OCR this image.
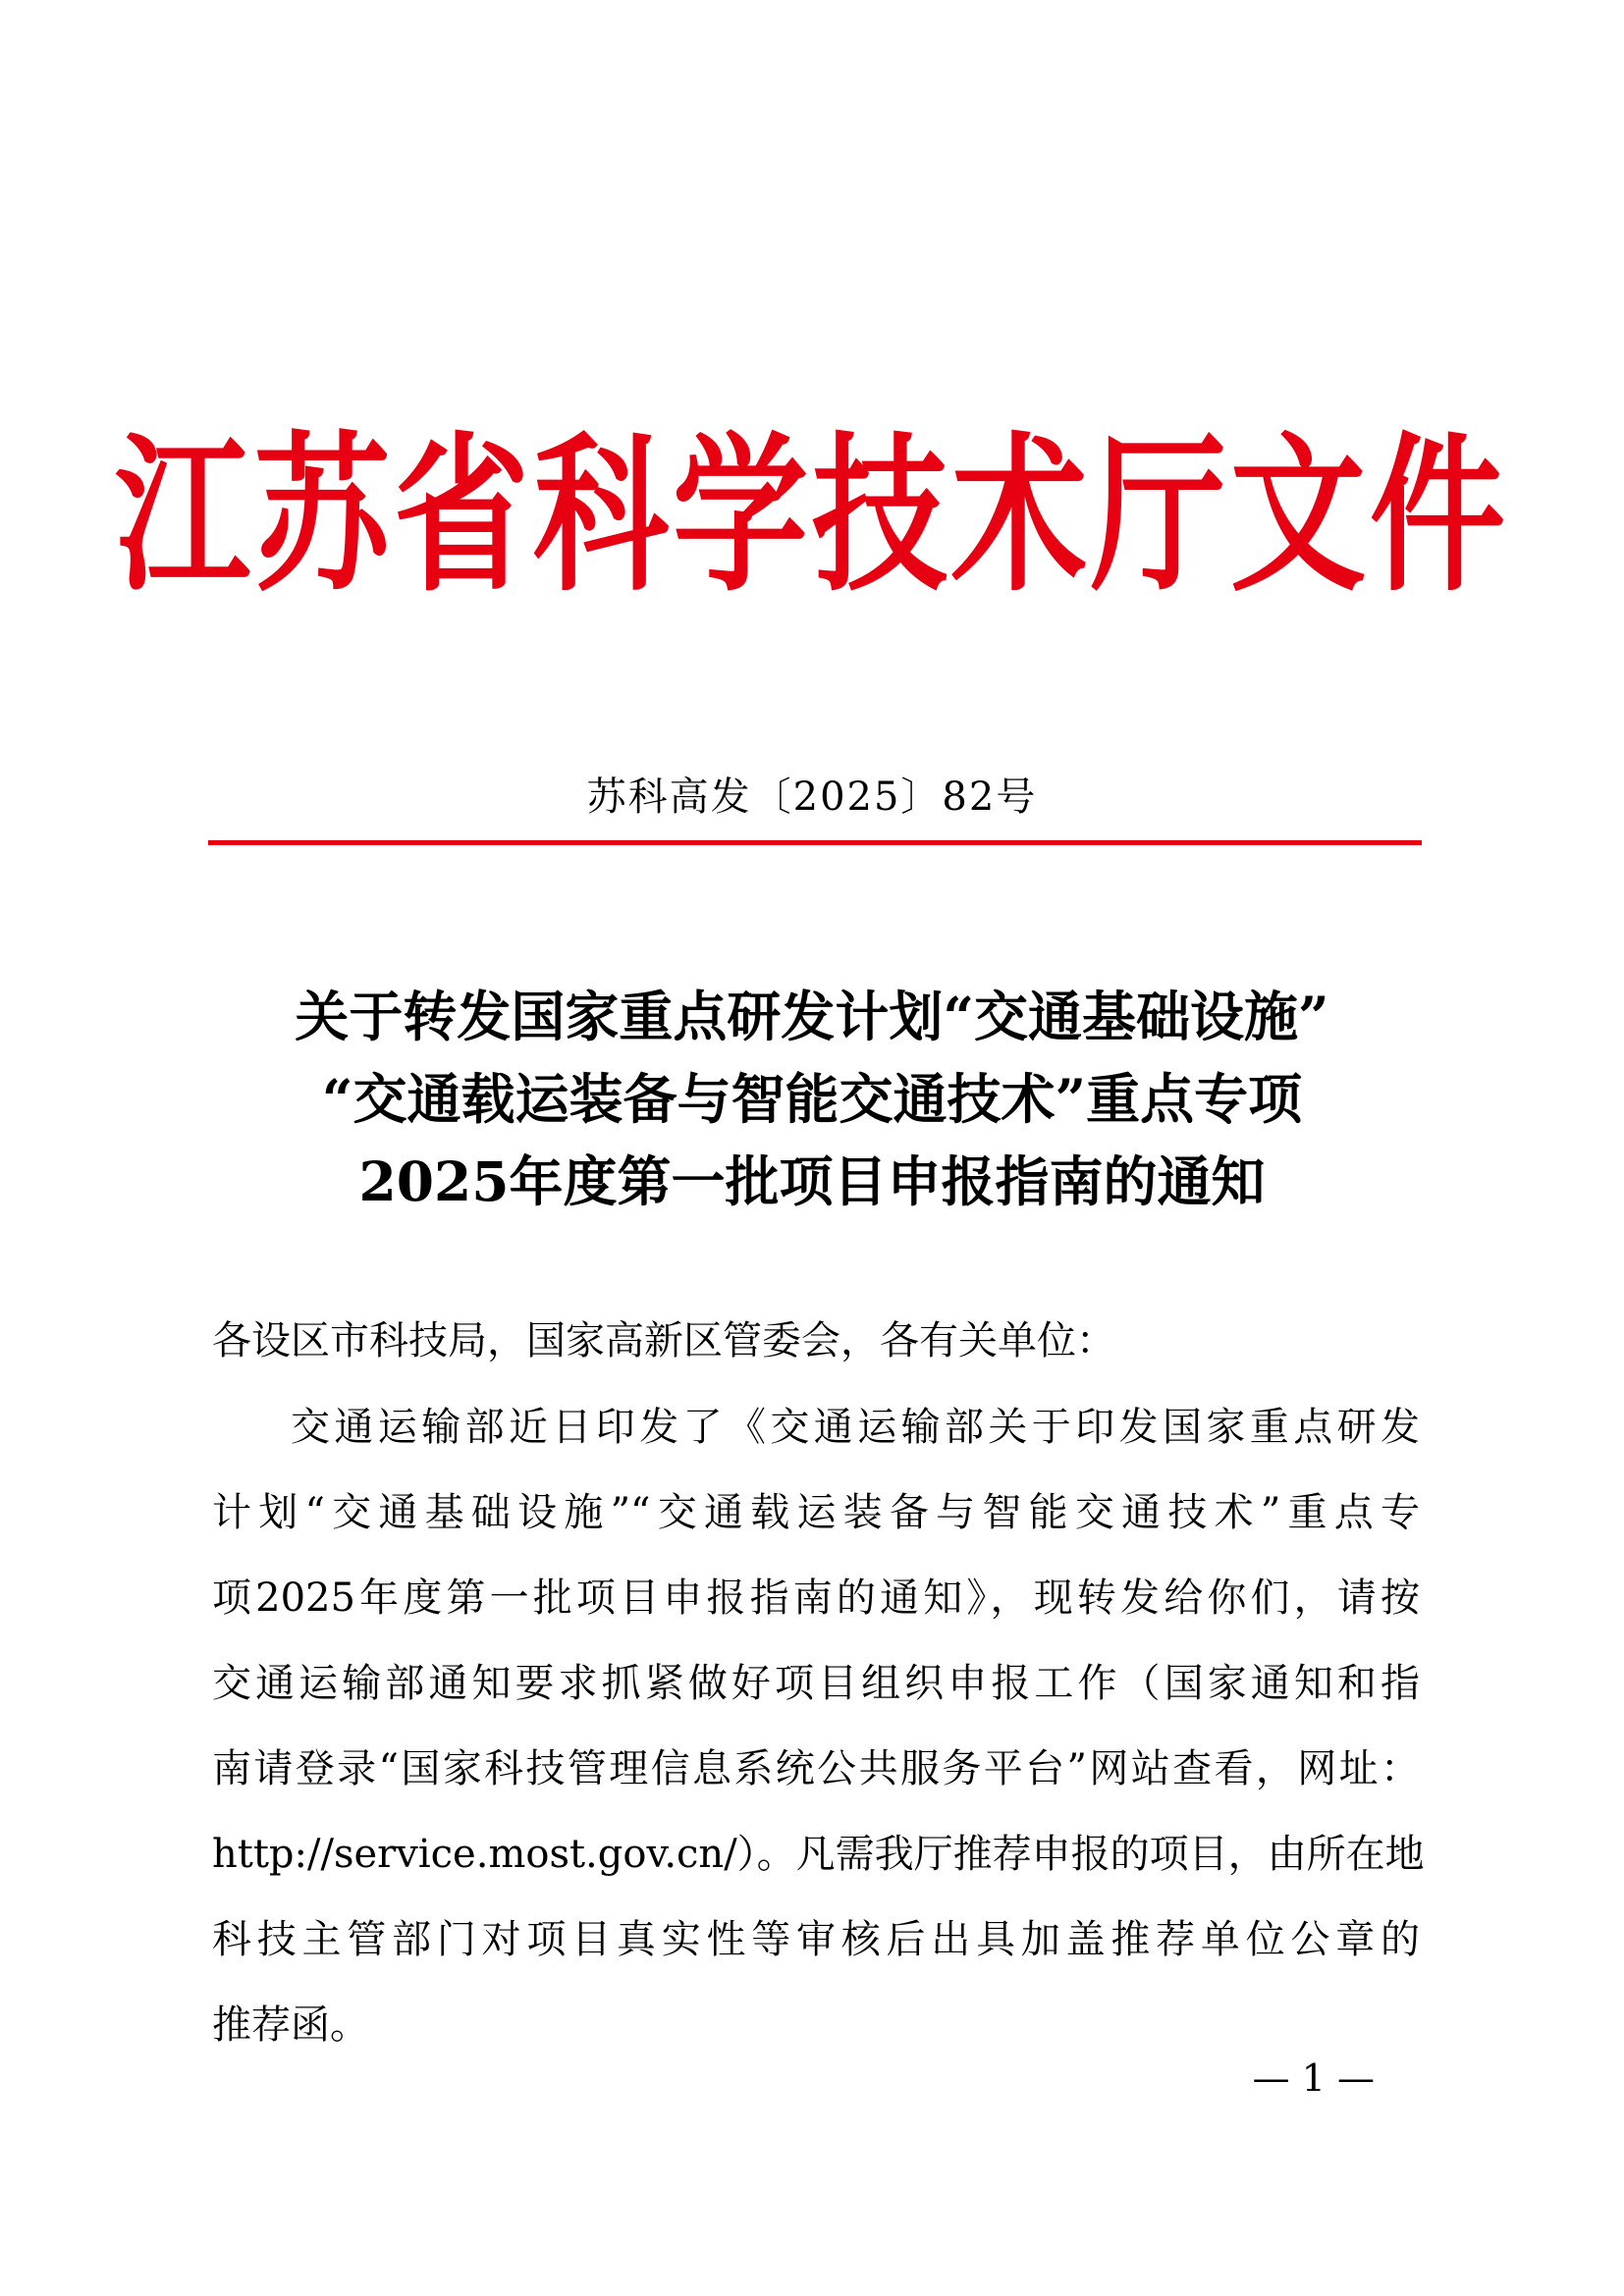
江苏省科学技术厅文件
苏科高发〔2025〕82号
关于转发国家重点研发计划“交通基础设施”
“交通载运装备与智能交通技术”重点专项
2025年度第一批项目申报指南的通知
各设区市科技局，国家高新区管委会，各有关单位：
交通运输部近日印发了《交通运输部关于印发国家重点研发
计划“交通基础设施”“交通载运装备与智能交通技术”重点专
项2025年度第一批项目申报指南的通知》，现转发给你们，请按
交通运输部通知要求抓紧做好项目组织申报工作（国家通知和指
南请登录“国家科技管理信息系统公共服务平台”网站查看，网址：
http://service.most.gov.cn/）。凡需我厅推荐申报的项目，由所在地
科技主管部门对项目真实性等审核后出具加盖推荐单位公章的
推荐函。
— 1 —
